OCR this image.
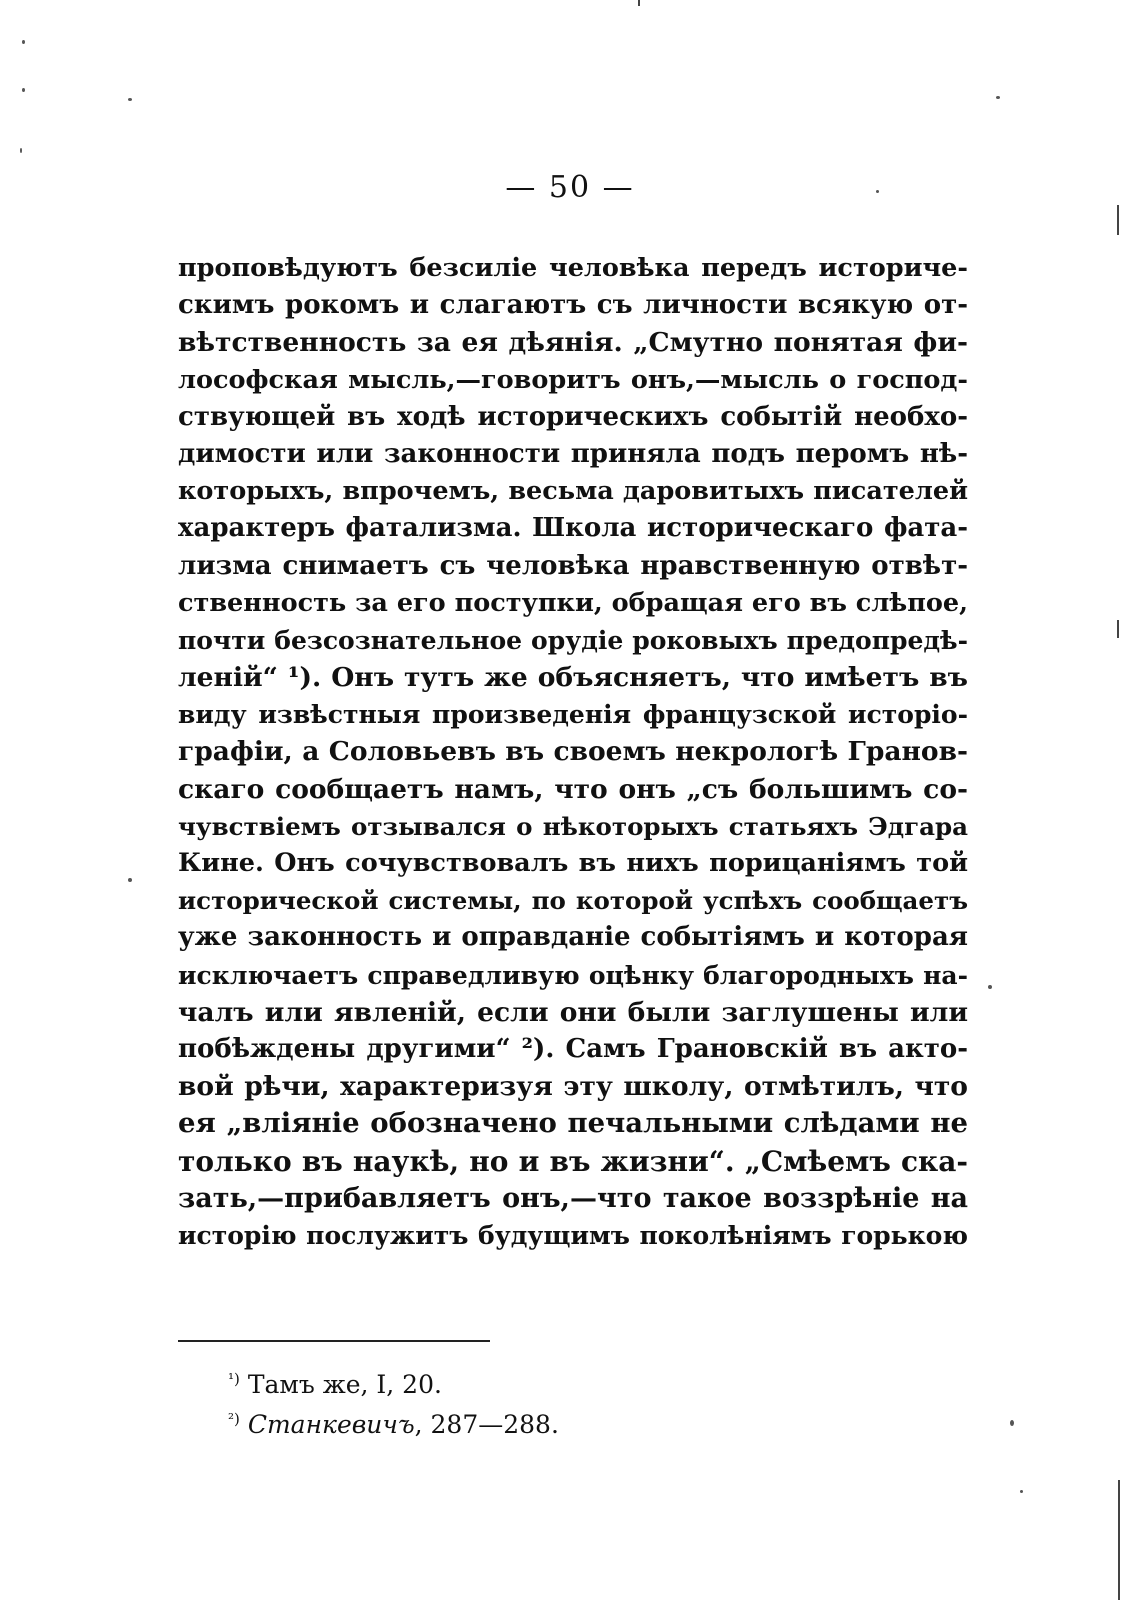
— 50 —
проповѣдуютъ безсиліе человѣка передъ историче-
скимъ рокомъ и слагаютъ съ личности всякую от-
вѣтственность за ея дѣянія. „Смутно понятая фи-
лософская мысль,—говоритъ онъ,—мысль о господ-
ствующей въ ходѣ историческихъ событій необхо-
димости или законности приняла подъ перомъ нѣ-
которыхъ, впрочемъ, весьма даровитыхъ писателей
характеръ фатализма. Школа историческаго фата-
лизма снимаетъ съ человѣка нравственную отвѣт-
ственность за его поступки, обращая его въ слѣпое,
почти безсознательное орудіе роковыхъ предопредѣ-
леній“ ¹). Онъ тутъ же объясняетъ, что имѣетъ въ
виду извѣстныя произведенія французской исторіо-
графіи, а Соловьевъ въ своемъ некрологѣ Гранов-
скаго сообщаетъ намъ, что онъ „съ большимъ со-
чувствіемъ отзывался о нѣкоторыхъ статьяхъ Эдгара
Кине. Онъ сочувствовалъ въ нихъ порицаніямъ той
исторической системы, по которой успѣхъ сообщаетъ
уже законность и оправданіе событіямъ и которая
исключаетъ справедливую оцѣнку благородныхъ на-
чалъ или явленій, если они были заглушены или
побѣждены другими“ ²). Самъ Грановскій въ акто-
вой рѣчи, характеризуя эту школу, отмѣтилъ, что
ея „вліяніе обозначено печальными слѣдами не
только въ наукѣ, но и въ жизни“. „Смѣемъ ска-
зать,—прибавляетъ онъ,—что такое воззрѣніе на
исторію послужитъ будущимъ поколѣніямъ горькою
$^{^1)}$ Тамъ же, I, 20.
$^{^2)}$ Станкевичъ, 287—288.
